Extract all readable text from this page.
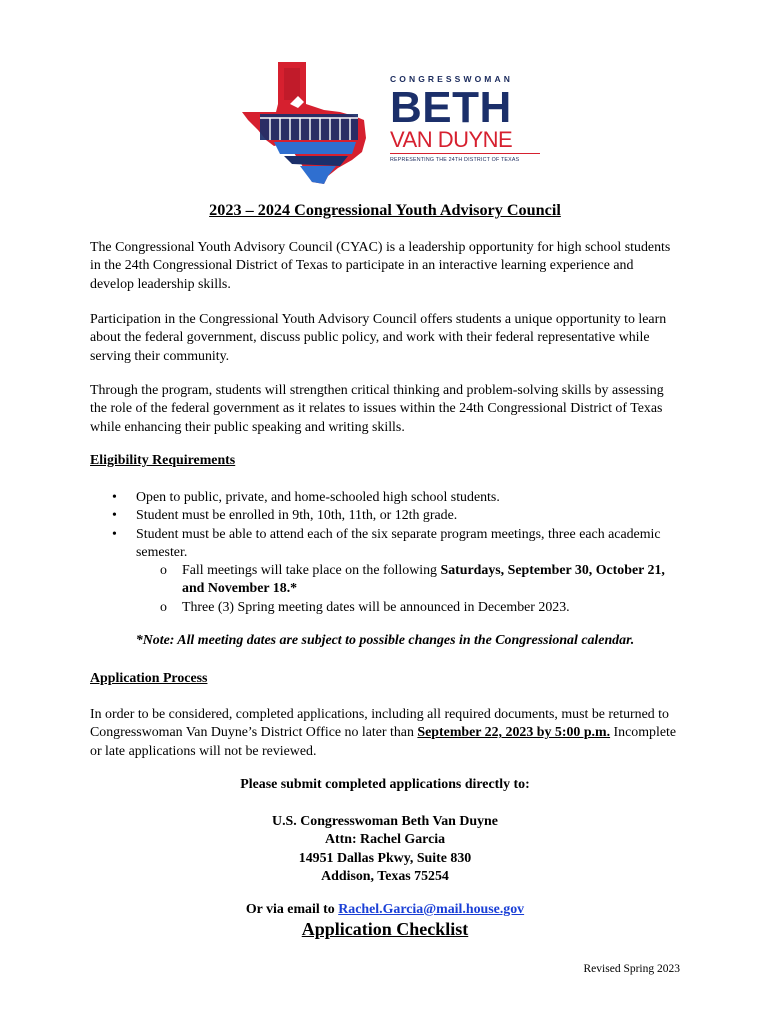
CONGRESSWOMAN
BETH
VAN DUYNE
REPRESENTING THE 24TH DISTRICT OF TEXAS
2023 – 2024 Congressional Youth Advisory Council
The Congressional Youth Advisory Council (CYAC) is a leadership opportunity for high school students in the 24th Congressional District of Texas to participate in an interactive learning experience and develop leadership skills.
Participation in the Congressional Youth Advisory Council offers students a unique opportunity to learn about the federal government, discuss public policy, and work with their federal representative while serving their community.
Through the program, students will strengthen critical thinking and problem-solving skills by assessing the role of the federal government as it relates to issues within the 24th Congressional District of Texas while enhancing their public speaking and writing skills.
Eligibility Requirements
• Open to public, private, and home-schooled high school students.
• Student must be enrolled in 9th, 10th, 11th, or 12th grade.
• Student must be able to attend each of the six separate program meetings, three each academic semester.
o Fall meetings will take place on the following Saturdays, September 30, October 21, and November 18.*
o Three (3) Spring meeting dates will be announced in December 2023.
*Note: All meeting dates are subject to possible changes in the Congressional calendar.
Application Process
In order to be considered, completed applications, including all required documents, must be returned to Congresswoman Van Duyne’s District Office no later than September 22, 2023 by 5:00 p.m. Incomplete or late applications will not be reviewed.
Please submit completed applications directly to:
U.S. Congresswoman Beth Van Duyne
Attn: Rachel Garcia
14951 Dallas Pkwy, Suite 830
Addison, Texas 75254
Or via email to Rachel.Garcia@mail.house.gov
Application Checklist
Revised Spring 2023
